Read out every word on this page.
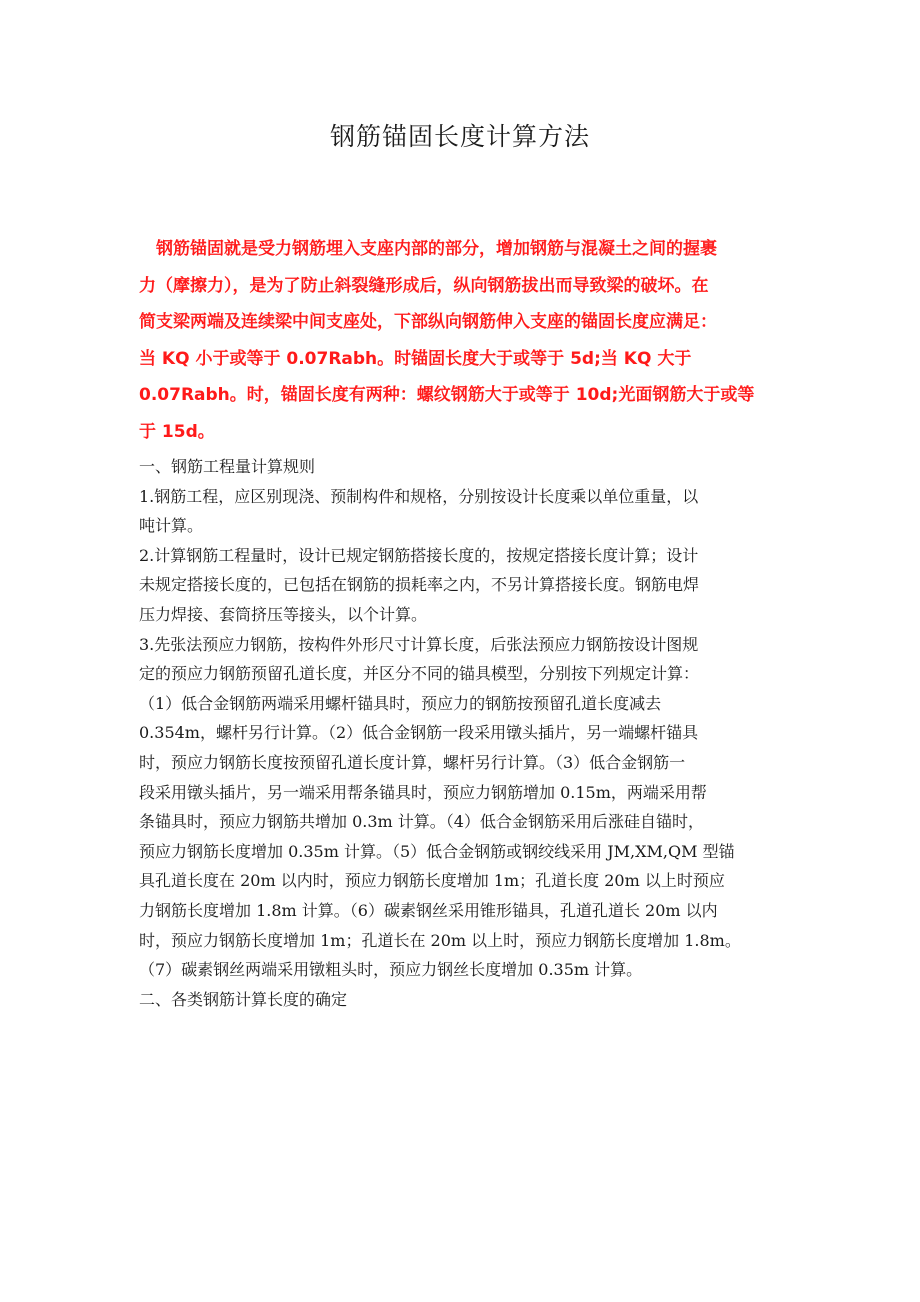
钢筋锚固长度计算方法
　钢筋锚固就是受力钢筋埋入支座内部的部分，增加钢筋与混凝土之间的握裹
力（摩擦力），是为了防止斜裂缝形成后，纵向钢筋拔出而导致梁的破坏。在
简支梁两端及连续梁中间支座处，下部纵向钢筋伸入支座的锚固长度应满足：
当 KQ 小于或等于 0.07Rabh。时锚固长度大于或等于 5d;当 KQ 大于
0.07Rabh。时，锚固长度有两种：螺纹钢筋大于或等于 10d;光面钢筋大于或等
于 15d。
一、钢筋工程量计算规则
1.钢筋工程，应区别现浇、预制构件和规格，分别按设计长度乘以单位重量，以
吨计算。
2.计算钢筋工程量时，设计已规定钢筋搭接长度的，按规定搭接长度计算；设计
未规定搭接长度的，已包括在钢筋的损耗率之内，不另计算搭接长度。钢筋电焊
压力焊接、套筒挤压等接头，以个计算。
3.先张法预应力钢筋，按构件外形尺寸计算长度，后张法预应力钢筋按设计图规
定的预应力钢筋预留孔道长度，并区分不同的锚具模型，分别按下列规定计算：
（1）低合金钢筋两端采用螺杆锚具时，预应力的钢筋按预留孔道长度减去
0.354m，螺杆另行计算。（2）低合金钢筋一段采用镦头插片，另一端螺杆锚具
时，预应力钢筋长度按预留孔道长度计算，螺杆另行计算。（3）低合金钢筋一
段采用镦头插片，另一端采用帮条锚具时，预应力钢筋增加 0.15m，两端采用帮
条锚具时，预应力钢筋共增加 0.3m 计算。（4）低合金钢筋采用后涨硅自锚时，
预应力钢筋长度增加 0.35m 计算。（5）低合金钢筋或钢绞线采用 JM,XM,QM 型锚
具孔道长度在 20m 以内时，预应力钢筋长度增加 1m；孔道长度 20m 以上时预应
力钢筋长度增加 1.8m 计算。（6）碳素钢丝采用锥形锚具，孔道孔道长 20m 以内
时，预应力钢筋长度增加 1m；孔道长在 20m 以上时，预应力钢筋长度增加 1.8m。
（7）碳素钢丝两端采用镦粗头时，预应力钢丝长度增加 0.35m 计算。
二、各类钢筋计算长度的确定
